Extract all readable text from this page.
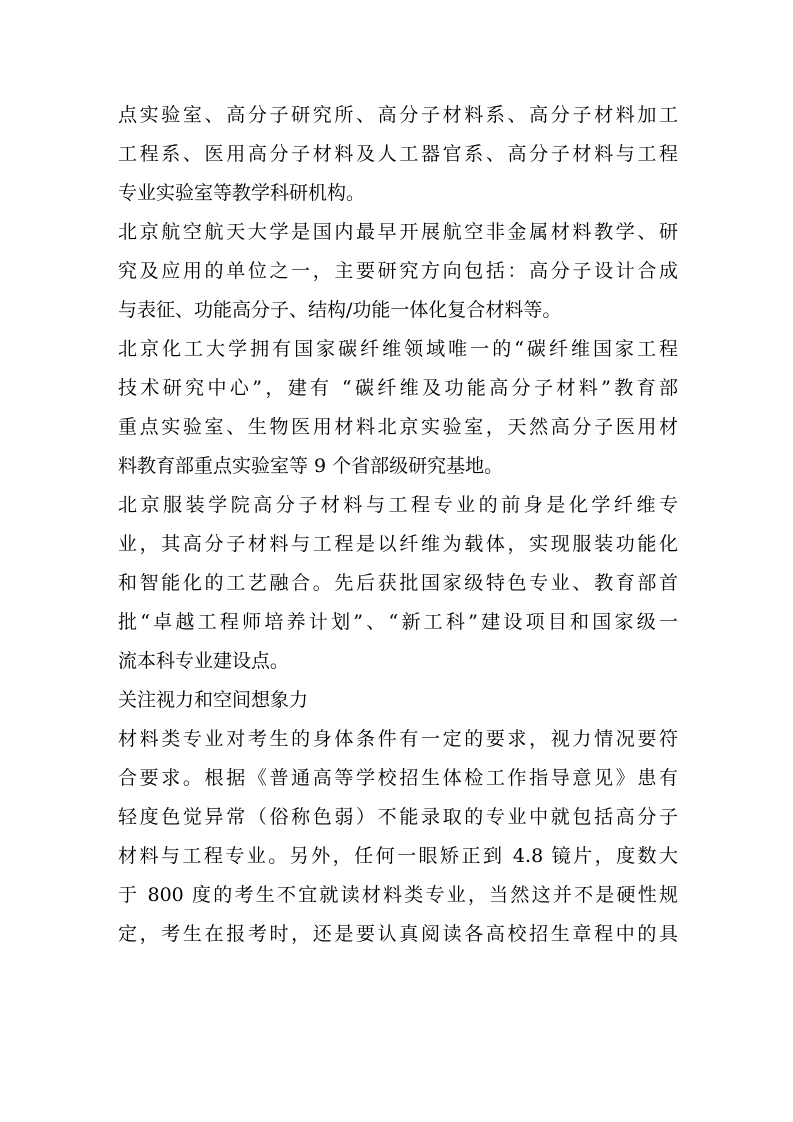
点实验室、高分子研究所、高分子材料系、高分子材料加工
工程系、医用高分子材料及人工器官系、高分子材料与工程
专业实验室等教学科研机构。
北京航空航天大学是国内最早开展航空非金属材料教学、研
究及应用的单位之一，主要研究方向包括：高分子设计合成
与表征、功能高分子、结构/功能一体化复合材料等。
北京化工大学拥有国家碳纤维领域唯一的“碳纤维国家工程
技术研究中心”，建有 “碳纤维及功能高分子材料”教育部
重点实验室、生物医用材料北京实验室，天然高分子医用材
料教育部重点实验室等 9 个省部级研究基地。
北京服装学院高分子材料与工程专业的前身是化学纤维专
业，其高分子材料与工程是以纤维为载体，实现服装功能化
和智能化的工艺融合。先后获批国家级特色专业、教育部首
批“卓越工程师培养计划”、“新工科”建设项目和国家级一
流本科专业建设点。
关注视力和空间想象力
材料类专业对考生的身体条件有一定的要求，视力情况要符
合要求。根据《普通高等学校招生体检工作指导意见》患有
轻度色觉异常（俗称色弱）不能录取的专业中就包括高分子
材料与工程专业。另外，任何一眼矫正到 4.8 镜片，度数大
于 800 度的考生不宜就读材料类专业，当然这并不是硬性规
定，考生在报考时，还是要认真阅读各高校招生章程中的具
